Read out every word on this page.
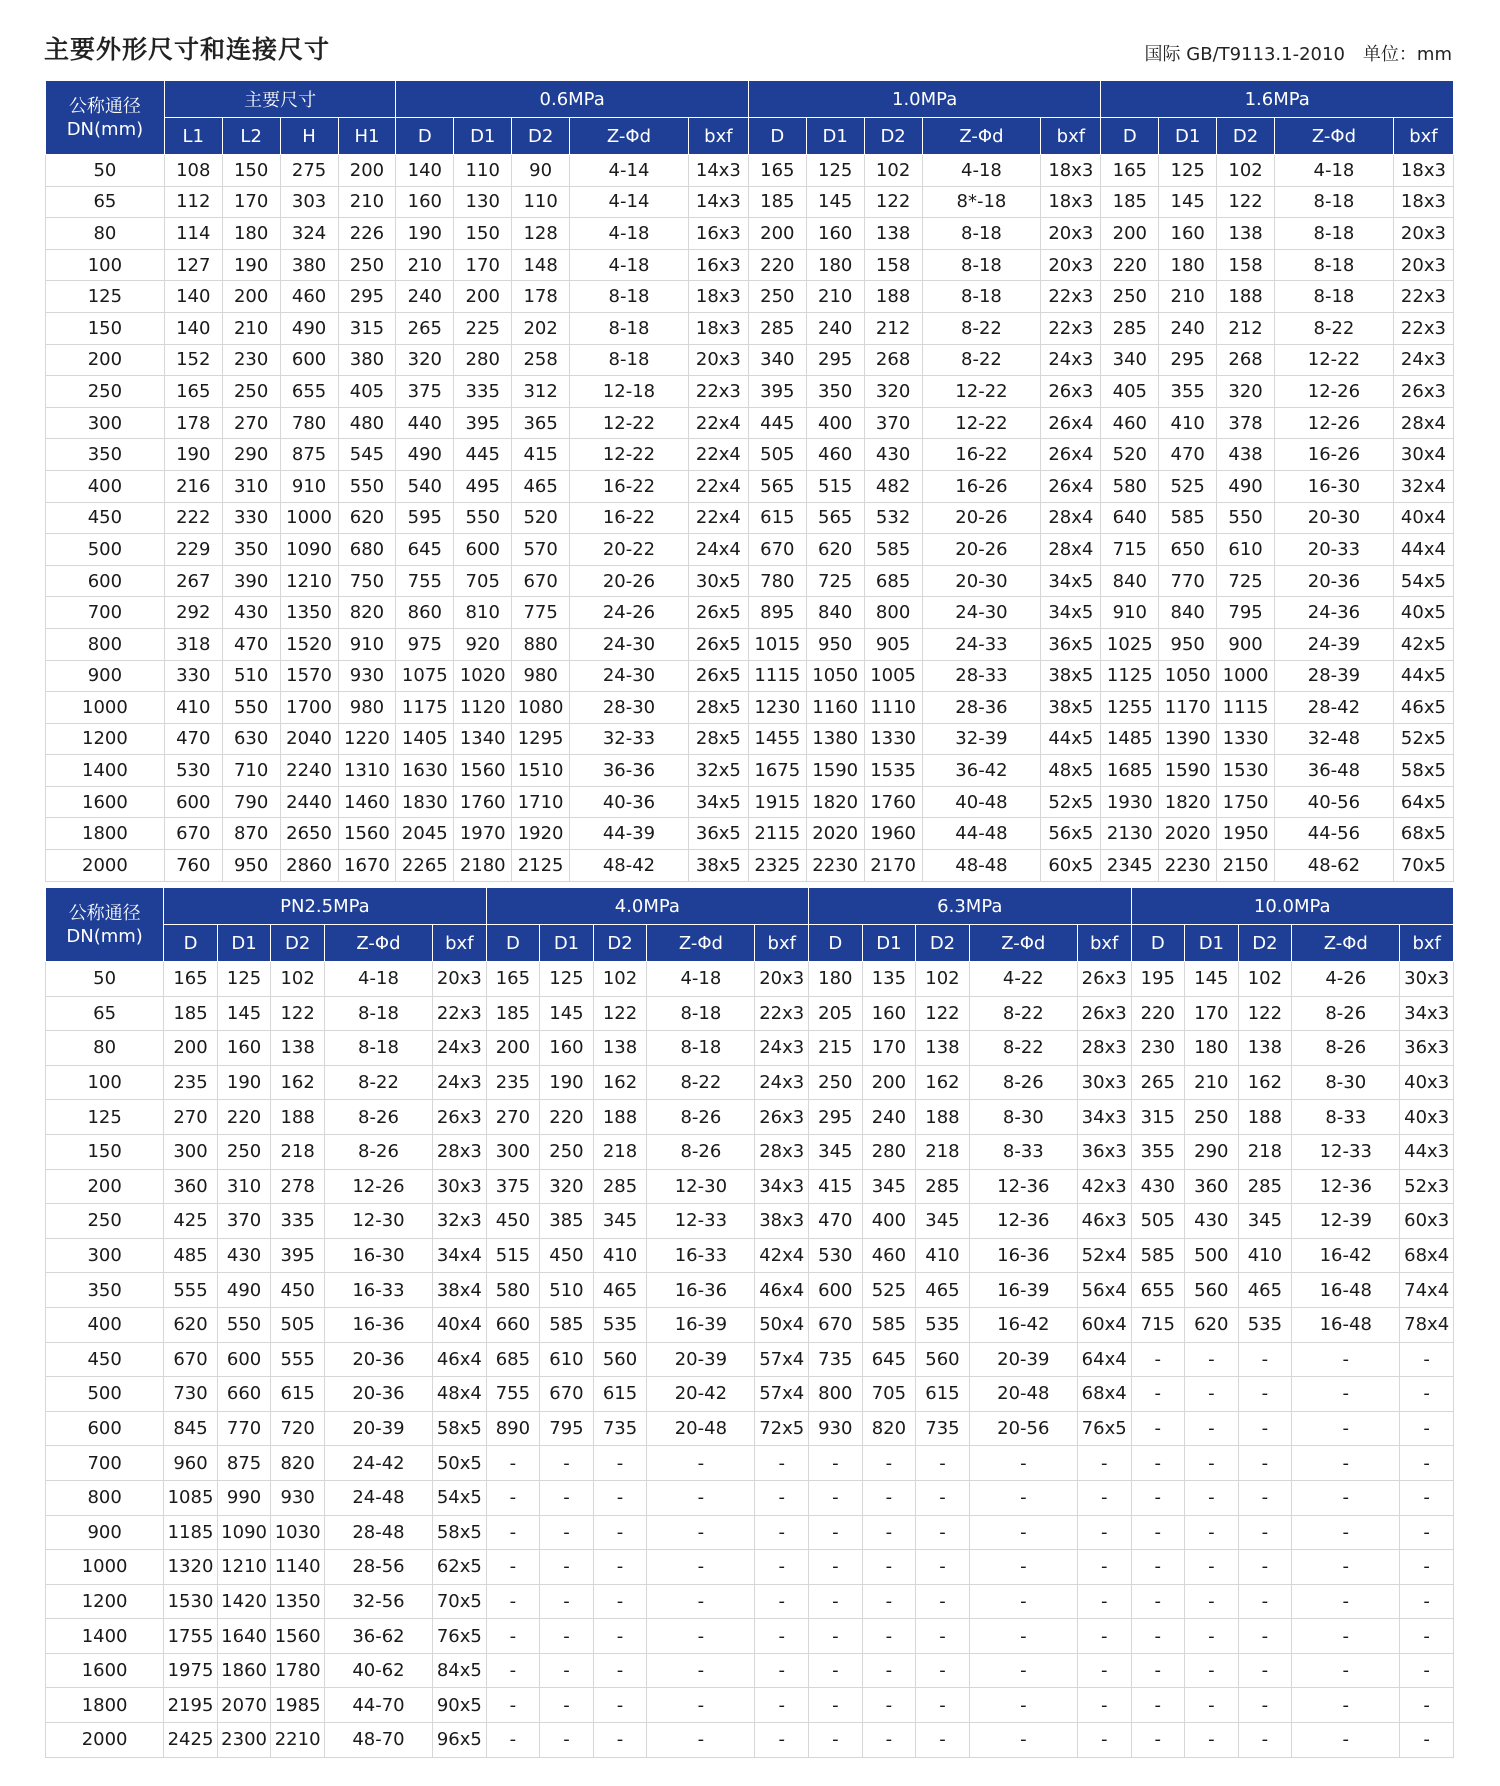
主要外形尺寸和连接尺寸	国际 GB/T9113.1-2010 单位：mm
公称通径
DN(mm)	主要尺寸				0.6MPa					1.0MPa					1.6MPa				
	L1	L2	H	H1	D	D1	D2	Z-Φd	bxf	D	D1	D2	Z-Φd	bxf	D	D1	D2	Z-Φd	bxf
50	108	150	275	200	140	110	90	4-14	14x3	165	125	102	4-18	18x3	165	125	102	4-18	18x3
65	112	170	303	210	160	130	110	4-14	14x3	185	145	122	8*-18	18x3	185	145	122	8-18	18x3
80	114	180	324	226	190	150	128	4-18	16x3	200	160	138	8-18	20x3	200	160	138	8-18	20x3
100	127	190	380	250	210	170	148	4-18	16x3	220	180	158	8-18	20x3	220	180	158	8-18	20x3
125	140	200	460	295	240	200	178	8-18	18x3	250	210	188	8-18	22x3	250	210	188	8-18	22x3
150	140	210	490	315	265	225	202	8-18	18x3	285	240	212	8-22	22x3	285	240	212	8-22	22x3
200	152	230	600	380	320	280	258	8-18	20x3	340	295	268	8-22	24x3	340	295	268	12-22	24x3
250	165	250	655	405	375	335	312	12-18	22x3	395	350	320	12-22	26x3	405	355	320	12-26	26x3
300	178	270	780	480	440	395	365	12-22	22x4	445	400	370	12-22	26x4	460	410	378	12-26	28x4
350	190	290	875	545	490	445	415	12-22	22x4	505	460	430	16-22	26x4	520	470	438	16-26	30x4
400	216	310	910	550	540	495	465	16-22	22x4	565	515	482	16-26	26x4	580	525	490	16-30	32x4
450	222	330	1000	620	595	550	520	16-22	22x4	615	565	532	20-26	28x4	640	585	550	20-30	40x4
500	229	350	1090	680	645	600	570	20-22	24x4	670	620	585	20-26	28x4	715	650	610	20-33	44x4
600	267	390	1210	750	755	705	670	20-26	30x5	780	725	685	20-30	34x5	840	770	725	20-36	54x5
700	292	430	1350	820	860	810	775	24-26	26x5	895	840	800	24-30	34x5	910	840	795	24-36	40x5
800	318	470	1520	910	975	920	880	24-30	26x5	1015	950	905	24-33	36x5	1025	950	900	24-39	42x5
900	330	510	1570	930	1075	1020	980	24-30	26x5	1115	1050	1005	28-33	38x5	1125	1050	1000	28-39	44x5
1000	410	550	1700	980	1175	1120	1080	28-30	28x5	1230	1160	1110	28-36	38x5	1255	1170	1115	28-42	46x5
1200	470	630	2040	1220	1405	1340	1295	32-33	28x5	1455	1380	1330	32-39	44x5	1485	1390	1330	32-48	52x5
1400	530	710	2240	1310	1630	1560	1510	36-36	32x5	1675	1590	1535	36-42	48x5	1685	1590	1530	36-48	58x5
1600	600	790	2440	1460	1830	1760	1710	40-36	34x5	1915	1820	1760	40-48	52x5	1930	1820	1750	40-56	64x5
1800	670	870	2650	1560	2045	1970	1920	44-39	36x5	2115	2020	1960	44-48	56x5	2130	2020	1950	44-56	68x5
2000	760	950	2860	1670	2265	2180	2125	48-42	38x5	2325	2230	2170	48-48	60x5	2345	2230	2150	48-62	70x5
公称通径
DN(mm)	PN2.5MPa					4.0MPa					6.3MPa					10.0MPa				
	D	D1	D2	Z-Φd	bxf	D	D1	D2	Z-Φd	bxf	D	D1	D2	Z-Φd	bxf	D	D1	D2	Z-Φd	bxf
50	165	125	102	4-18	20x3	165	125	102	4-18	20x3	180	135	102	4-22	26x3	195	145	102	4-26	30x3
65	185	145	122	8-18	22x3	185	145	122	8-18	22x3	205	160	122	8-22	26x3	220	170	122	8-26	34x3
80	200	160	138	8-18	24x3	200	160	138	8-18	24x3	215	170	138	8-22	28x3	230	180	138	8-26	36x3
100	235	190	162	8-22	24x3	235	190	162	8-22	24x3	250	200	162	8-26	30x3	265	210	162	8-30	40x3
125	270	220	188	8-26	26x3	270	220	188	8-26	26x3	295	240	188	8-30	34x3	315	250	188	8-33	40x3
150	300	250	218	8-26	28x3	300	250	218	8-26	28x3	345	280	218	8-33	36x3	355	290	218	12-33	44x3
200	360	310	278	12-26	30x3	375	320	285	12-30	34x3	415	345	285	12-36	42x3	430	360	285	12-36	52x3
250	425	370	335	12-30	32x3	450	385	345	12-33	38x3	470	400	345	12-36	46x3	505	430	345	12-39	60x3
300	485	430	395	16-30	34x4	515	450	410	16-33	42x4	530	460	410	16-36	52x4	585	500	410	16-42	68x4
350	555	490	450	16-33	38x4	580	510	465	16-36	46x4	600	525	465	16-39	56x4	655	560	465	16-48	74x4
400	620	550	505	16-36	40x4	660	585	535	16-39	50x4	670	585	535	16-42	60x4	715	620	535	16-48	78x4
450	670	600	555	20-36	46x4	685	610	560	20-39	57x4	735	645	560	20-39	64x4	-	-	-	-	-
500	730	660	615	20-36	48x4	755	670	615	20-42	57x4	800	705	615	20-48	68x4	-	-	-	-	-
600	845	770	720	20-39	58x5	890	795	735	20-48	72x5	930	820	735	20-56	76x5	-	-	-	-	-
700	960	875	820	24-42	50x5	-	-	-	-	-	-	-	-	-	-	-	-	-	-	-
800	1085	990	930	24-48	54x5	-	-	-	-	-	-	-	-	-	-	-	-	-	-	-
900	1185	1090	1030	28-48	58x5	-	-	-	-	-	-	-	-	-	-	-	-	-	-	-
1000	1320	1210	1140	28-56	62x5	-	-	-	-	-	-	-	-	-	-	-	-	-	-	-
1200	1530	1420	1350	32-56	70x5	-	-	-	-	-	-	-	-	-	-	-	-	-	-	-
1400	1755	1640	1560	36-62	76x5	-	-	-	-	-	-	-	-	-	-	-	-	-	-	-
1600	1975	1860	1780	40-62	84x5	-	-	-	-	-	-	-	-	-	-	-	-	-	-	-
1800	2195	2070	1985	44-70	90x5	-	-	-	-	-	-	-	-	-	-	-	-	-	-	-
2000	2425	2300	2210	48-70	96x5	-	-	-	-	-	-	-	-	-	-	-	-	-	-	-
